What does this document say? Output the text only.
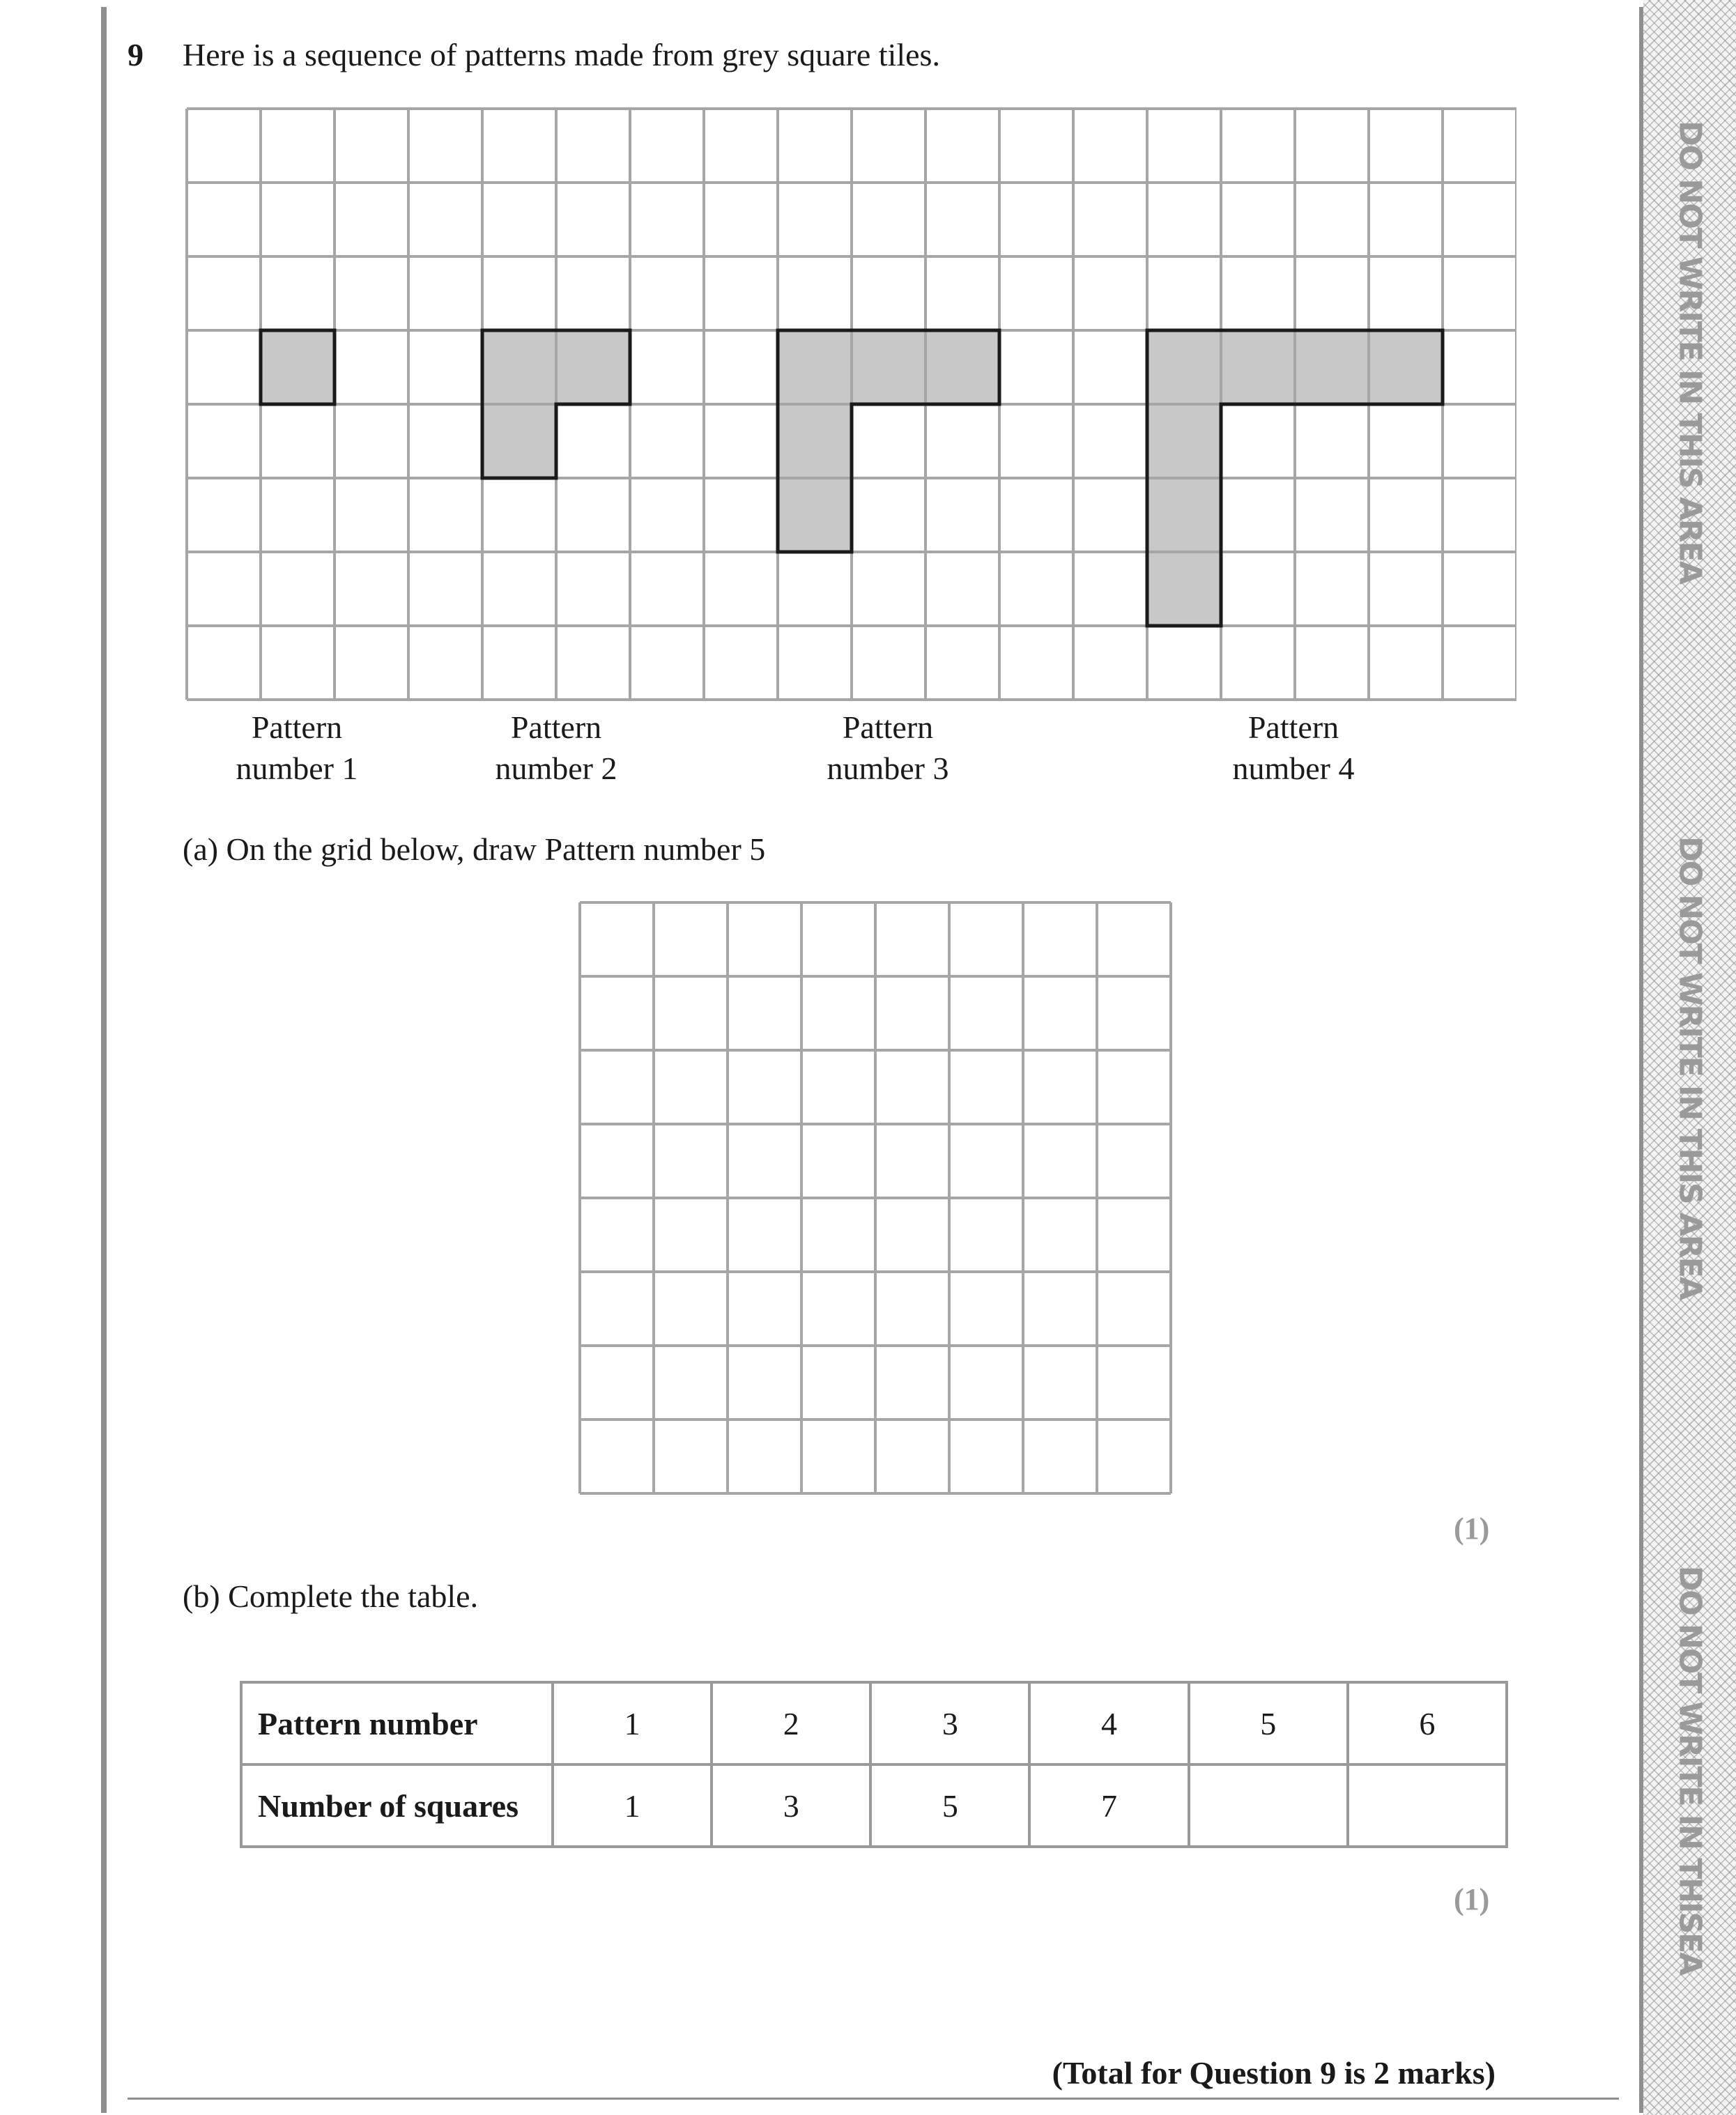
DO NOT WRITE IN THIS AREA
DO NOT WRITE IN THIS AREA
DO NOT WRITE IN THISEA
9 Here is a sequence of patterns made from grey square tiles.
Pattern
number 1
Pattern
number 2
Pattern
number 3
Pattern
number 4
(a) On the grid below, draw Pattern number 5
(1)
(b) Complete the table.
Pattern number	1	2	3	4	5	6
Number of squares	1	3	5	7		
(1)
(Total for Question 9 is 2 marks)
